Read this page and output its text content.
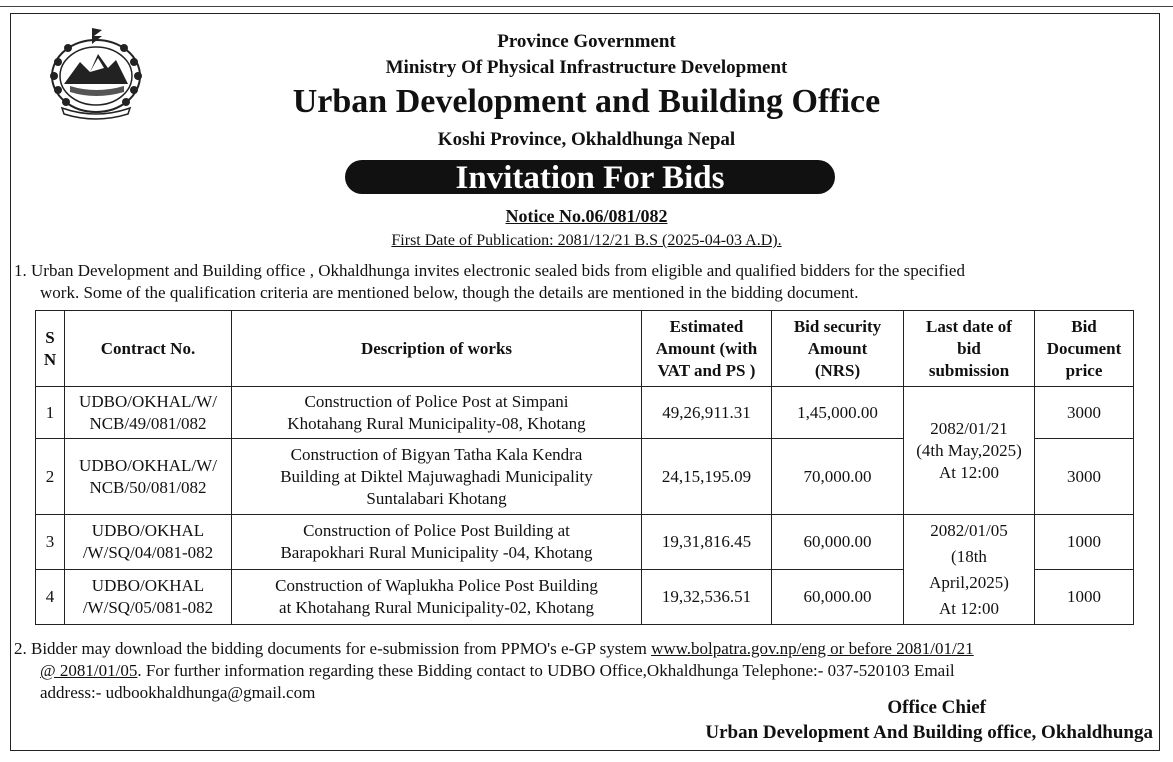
Province Government
Ministry Of Physical Infrastructure Development
Urban Development and Building Office
Koshi Province, Okhaldhunga Nepal
Invitation For Bids
Notice No.06/081/082
First Date of Publication: 2081/12/21 B.S (2025-04-03 A.D).
1. Urban Development and Building office , Okhaldhunga invites electronic sealed bids from eligible and qualified bidders for the specified
work. Some of the qualification criteria are mentioned below, though the details are mentioned in the bidding document.
S
N	Contract No.	Description of works	Estimated
Amount (with
VAT and PS )	Bid security
Amount
(NRS)	Last date of
bid
submission	Bid
Document
price
1	UDBO/OKHAL/W/
NCB/49/081/082	Construction of Police Post at Simpani
Khotahang Rural Municipality-08, Khotang	49,26,911.31	1,45,000.00	2082/01/21
(4th May,2025)
At 12:00	3000
2	UDBO/OKHAL/W/
NCB/50/081/082	Construction of Bigyan Tatha Kala Kendra
Building at Diktel Majuwaghadi Municipality
Suntalabari Khotang	24,15,195.09	70,000.00		3000
3	UDBO/OKHAL
/W/SQ/04/081-082	Construction of Police Post Building at
Barapokhari Rural Municipality -04, Khotang	19,31,816.45	60,000.00	2082/01/05
(18th
April,2025)
At 12:00	1000
4	UDBO/OKHAL
/W/SQ/05/081-082	Construction of Waplukha Police Post Building
at Khotahang Rural Municipality-02, Khotang	19,32,536.51	60,000.00		1000
2. Bidder may download the bidding documents for e-submission from PPMO's e-GP system www.bolpatra.gov.np/eng or before 2081/01/21
@ 2081/01/05. For further information regarding these Bidding contact to UDBO Office,Okhaldhunga Telephone:- 037-520103 Email
address:- udbookhaldhunga@gmail.com
Office Chief
Urban Development And Building office, Okhaldhunga
